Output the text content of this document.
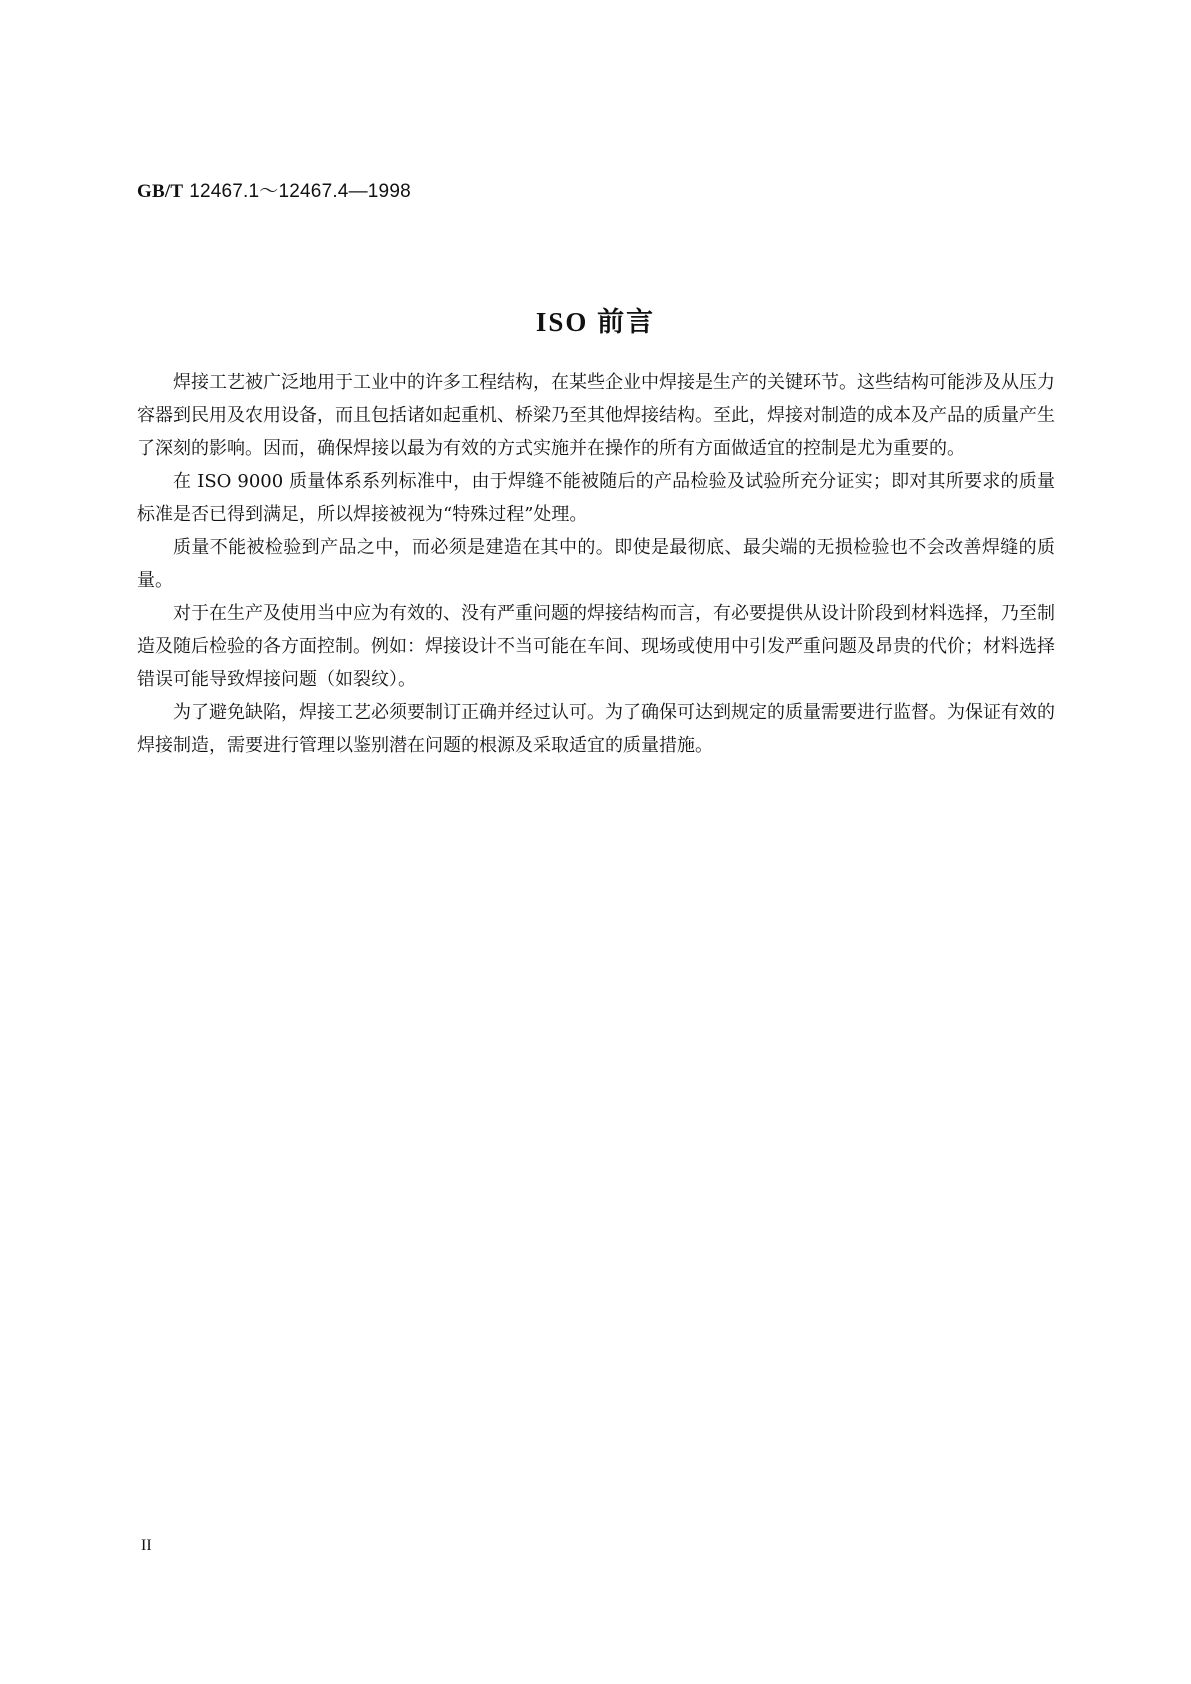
GB/T 12467.1～12467.4—1998
ISO 前言

焊接工艺被广泛地用于工业中的许多工程结构，在某些企业中焊接是生产的关键环节。这些结构可能涉及从压力容器到民用及农用设备，而且包括诸如起重机、桥梁乃至其他焊接结构。至此，焊接对制造的成本及产品的质量产生了深刻的影响。因而，确保焊接以最为有效的方式实施并在操作的所有方面做适宜的控制是尤为重要的。

在 ISO 9000 质量体系系列标准中，由于焊缝不能被随后的产品检验及试验所充分证实；即对其所要求的质量标准是否已得到满足，所以焊接被视为“特殊过程”处理。

质量不能被检验到产品之中，而必须是建造在其中的。即使是最彻底、最尖端的无损检验也不会改善焊缝的质量。

对于在生产及使用当中应为有效的、没有严重问题的焊接结构而言，有必要提供从设计阶段到材料选择，乃至制造及随后检验的各方面控制。例如：焊接设计不当可能在车间、现场或使用中引发严重问题及昂贵的代价；材料选择错误可能导致焊接问题（如裂纹）。

为了避免缺陷，焊接工艺必须要制订正确并经过认可。为了确保可达到规定的质量需要进行监督。为保证有效的焊接制造，需要进行管理以鉴别潜在问题的根源及采取适宜的质量措施。

II
